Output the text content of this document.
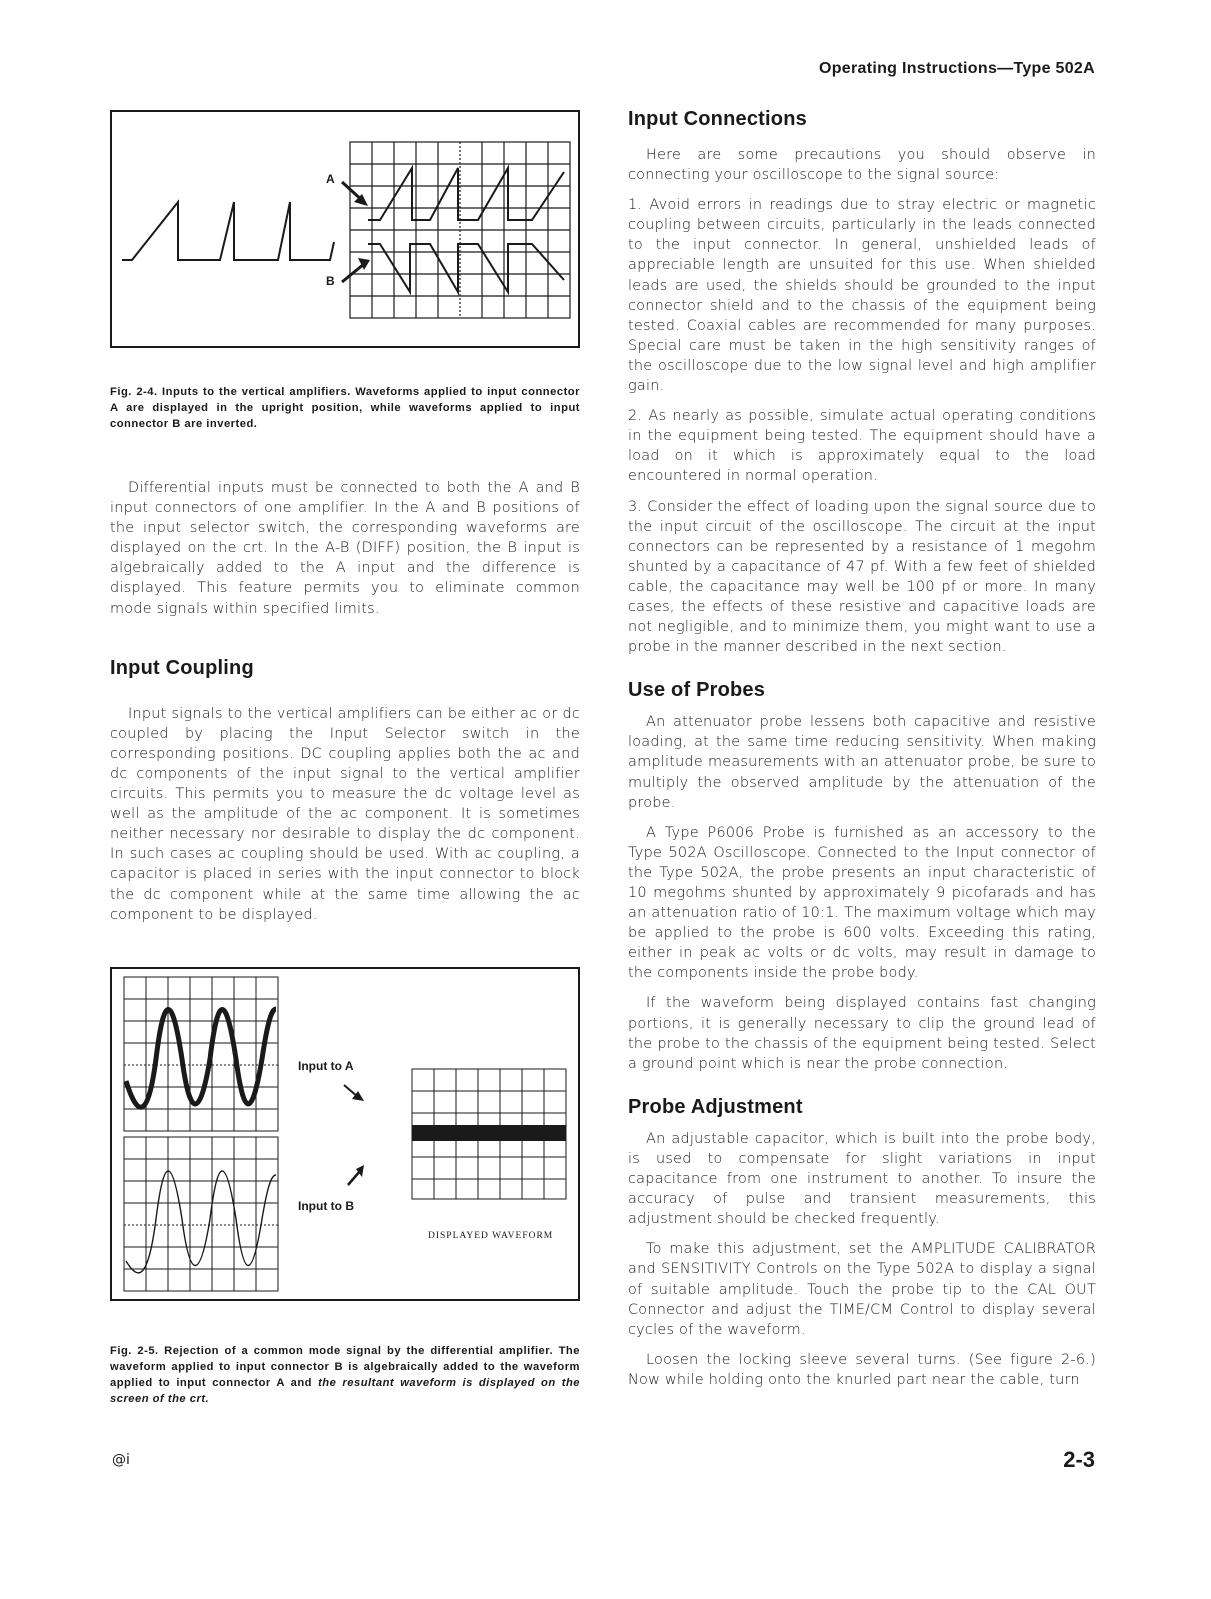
Operating Instructions—Type 502A
A
B

Fig. 2-4. Inputs to the vertical amplifiers. Waveforms applied to input connector A are displayed in the upright position, while waveforms applied to input connector B are inverted.

Differential inputs must be connected to both the A and B input connectors of one amplifier. In the A and B positions of the input selector switch, the corresponding waveforms are displayed on the crt. In the A-B (DIFF) position, the B input is algebraically added to the A input and the difference is displayed. This feature permits you to eliminate common mode signals within specified limits.

Input Coupling

Input signals to the vertical amplifiers can be either ac or dc coupled by placing the Input Selector switch in the corresponding positions. DC coupling applies both the ac and dc components of the input signal to the vertical amplifier circuits. This permits you to measure the dc voltage level as well as the amplitude of the ac component. It is sometimes neither necessary nor desirable to display the dc component. In such cases ac coupling should be used. With ac coupling, a capacitor is placed in series with the input connector to block the dc component while at the same time allowing the ac component to be displayed.

Input to A
Input to B
DISPLAYED WAVEFORM

Fig. 2-5. Rejection of a common mode signal by the differential amplifier. The waveform applied to input connector B is algebraically added to the waveform applied to input connector A and the resultant waveform is displayed on the screen of the crt.

Input Connections

Here are some precautions you should observe in connecting your oscilloscope to the signal source:

1. Avoid errors in readings due to stray electric or magnetic coupling between circuits, particularly in the leads connected to the input connector. In general, unshielded leads of appreciable length are unsuited for this use. When shielded leads are used, the shields should be grounded to the input connector shield and to the chassis of the equipment being tested. Coaxial cables are recommended for many purposes. Special care must be taken in the high sensitivity ranges of the oscilloscope due to the low signal level and high amplifier gain.

2. As nearly as possible, simulate actual operating conditions in the equipment being tested. The equipment should have a load on it which is approximately equal to the load encountered in normal operation.

3. Consider the effect of loading upon the signal source due to the input circuit of the oscilloscope. The circuit at the input connectors can be represented by a resistance of 1 megohm shunted by a capacitance of 47 pf. With a few feet of shielded cable, the capacitance may well be 100 pf or more. In many cases, the effects of these resistive and capacitive loads are not negligible, and to minimize them, you might want to use a probe in the manner described in the next section.

Use of Probes

An attenuator probe lessens both capacitive and resistive loading, at the same time reducing sensitivity. When making amplitude measurements with an attenuator probe, be sure to multiply the observed amplitude by the attenuation of the probe.

A Type P6006 Probe is furnished as an accessory to the Type 502A Oscilloscope. Connected to the Input connector of the Type 502A, the probe presents an input characteristic of 10 megohms shunted by approximately 9 picofarads and has an attenuation ratio of 10:1. The maximum voltage which may be applied to the probe is 600 volts. Exceeding this rating, either in peak ac volts or dc volts, may result in damage to the components inside the probe body.

If the waveform being displayed contains fast changing portions, it is generally necessary to clip the ground lead of the probe to the chassis of the equipment being tested. Select a ground point which is near the probe connection.

Probe Adjustment

An adjustable capacitor, which is built into the probe body, is used to compensate for slight variations in input capacitance from one instrument to another. To insure the accuracy of pulse and transient measurements, this adjustment should be checked frequently.

To make this adjustment, set the AMPLITUDE CALIBRATOR and SENSITIVITY Controls on the Type 502A to display a signal of suitable amplitude. Touch the probe tip to the CAL OUT Connector and adjust the TIME/CM Control to display several cycles of the waveform.

Loosen the locking sleeve several turns. (See figure 2-6.) Now while holding onto the knurled part near the cable, turn

@i	2-3
